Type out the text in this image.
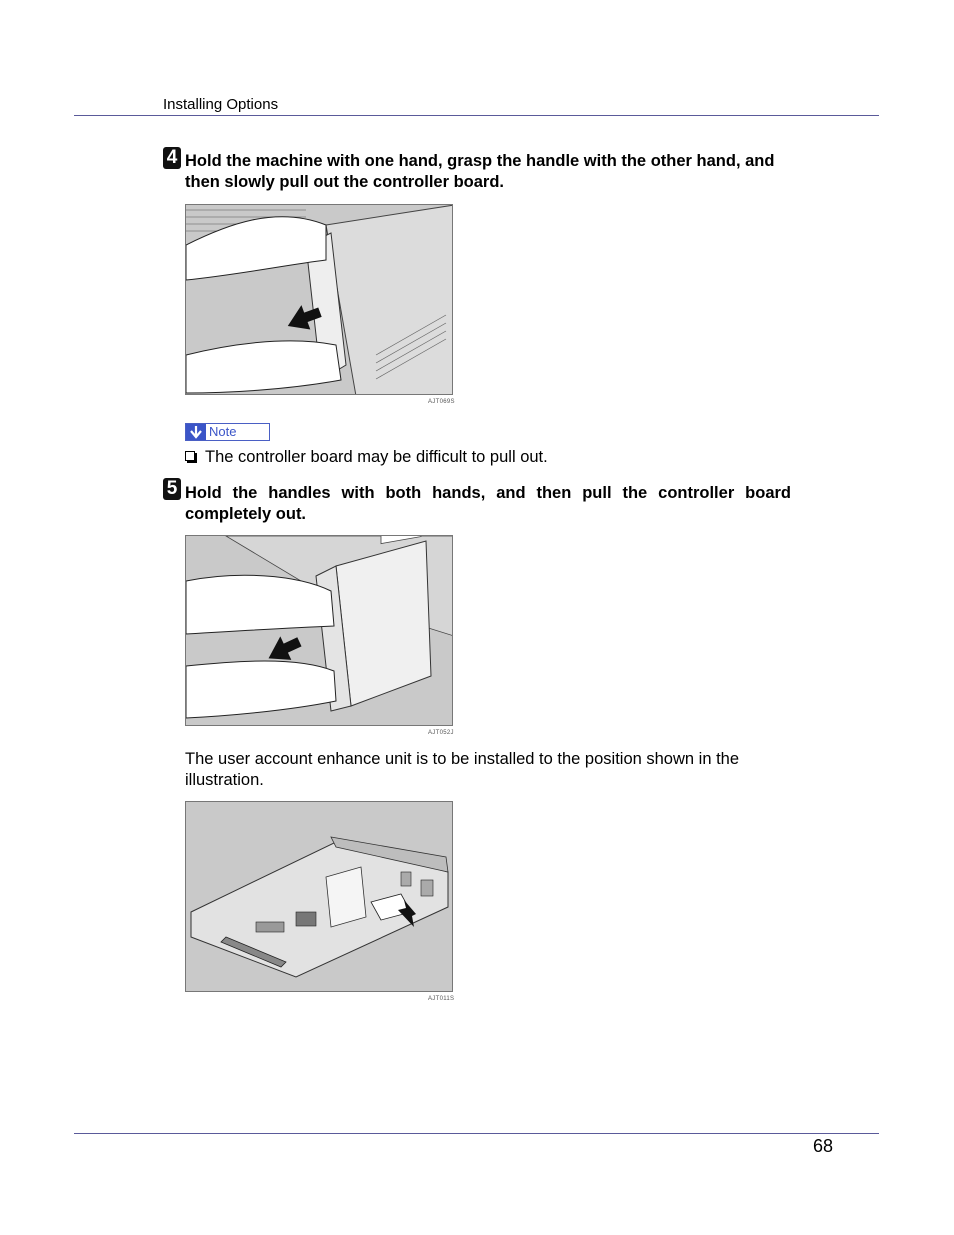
Installing Options
4 Hold the machine with one hand, grasp the handle with the other hand, and then slowly pull out the controller board.
AJT069S
Note
The controller board may be difficult to pull out.
5 Hold the handles with both hands, and then pull the controller board completely out.
AJT052J
The user account enhance unit is to be installed to the position shown in the illustration.
AJT011S
68
